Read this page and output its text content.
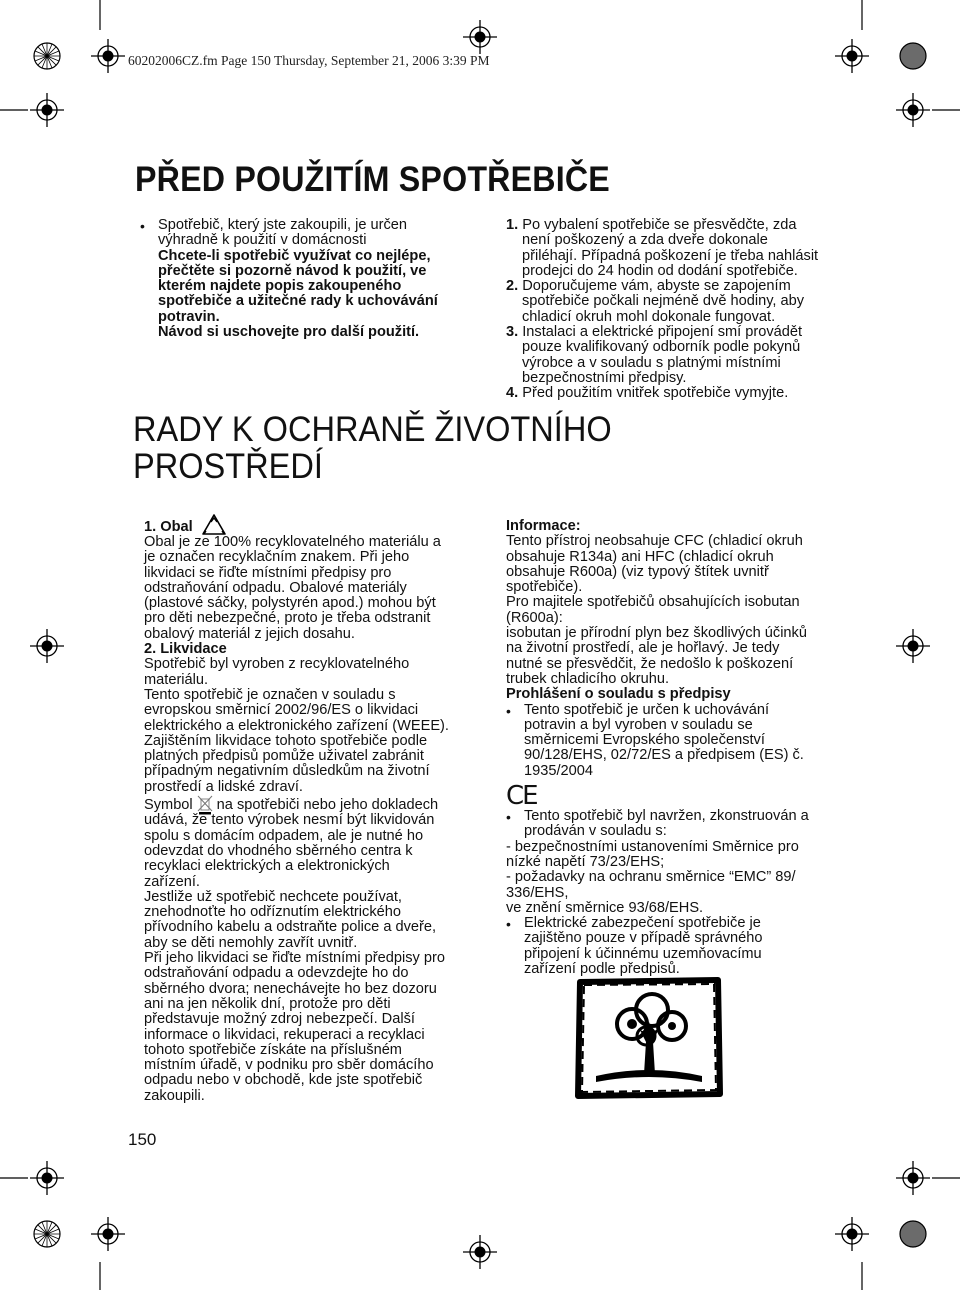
60202006CZ.fm Page 150 Thursday, September 21, 2006 3:39 PM
PŘED POUŽITÍM SPOTŘEBIČE
• Spotřebič, který jste zakoupili, je určen

výhradně k použití v domácnosti

Chcete-li spotřebič využívat co nejlépe,

přečtěte si pozorně návod k použití, ve

kterém najdete popis zakoupeného

spotřebiče a užitečné rady k uchovávání

potravin.

Návod si uschovejte pro další použití.

1. Po vybalení spotřebiče se přesvědčte, zda

není poškozený a zda dveře dokonale

přiléhají. Případná poškození je třeba nahlásit

prodejci do 24 hodin od dodání spotřebiče.

2. Doporučujeme vám, abyste se zapojením

spotřebiče počkali nejméně dvě hodiny, aby

chladicí okruh mohl dokonale fungovat.

3. Instalaci a elektrické připojení smí provádět

pouze kvalifikovaný odborník podle pokynů

výrobce a v souladu s platnými místními

bezpečnostními předpisy.

4. Před použitím vnitřek spotřebiče vymyjte.

RADY K OCHRANĚ ŽIVOTNÍHO
PROSTŘEDÍ
1. Obal

Obal je ze 100% recyklovatelného materiálu a

je označen recyklačním znakem. Při jeho

likvidaci se řiďte místními předpisy pro

odstraňování odpadu. Obalové materiály

(plastové sáčky, polystyrén apod.) mohou být

pro děti nebezpečné, proto je třeba odstranit

obalový materiál z jejich dosahu.

2. Likvidace

Spotřebič byl vyroben z recyklovatelného

materiálu.

Tento spotřebič je označen v souladu s

evropskou směrnicí 2002/96/ES o likvidaci

elektrického a elektronického zařízení (WEEE).

Zajištěním likvidace tohoto spotřebiče podle

platných předpisů pomůže uživatel zabránit

případným negativním důsledkům na životní

prostředí a lidské zdraví.

Symbol na spotřebiči nebo jeho dokladech

udává, že tento výrobek nesmí být likvidován

spolu s domácím odpadem, ale je nutné ho

odevzdat do vhodného sběrného centra k

recyklaci elektrických a elektronických

zařízení.

Jestliže už spotřebič nechcete používat,

znehodnoťte ho odříznutím elektrického

přívodního kabelu a odstraňte police a dveře,

aby se děti nemohly zavřít uvnitř.

Při jeho likvidaci se řiďte místními předpisy pro

odstraňování odpadu a odevzdejte ho do

sběrného dvora; nenechávejte ho bez dozoru

ani na jen několik dní, protože pro děti

představuje možný zdroj nebezpečí. Další

informace o likvidaci, rekuperaci a recyklaci

tohoto spotřebiče získáte na příslušném

místním úřadě, v podniku pro sběr domácího

odpadu nebo v obchodě, kde jste spotřebič

zakoupili.

Informace:

Tento přístroj neobsahuje CFC (chladicí okruh

obsahuje R134a) ani HFC (chladicí okruh

obsahuje R600a) (viz typový štítek uvnitř

spotřebiče).

Pro majitele spotřebičů obsahujících isobutan

(R600a):

isobutan je přírodní plyn bez škodlivých účinků

na životní prostředí, ale je hořlavý. Je tedy

nutné se přesvědčit, že nedošlo k poškození

trubek chladicího okruhu.

Prohlášení o souladu s předpisy

• Tento spotřebič je určen k uchovávání

potravin a byl vyroben v souladu se

směrnicemi Evropského společenství

90/128/EHS, 02/72/ES a předpisem (ES) č.

1935/2004

CE
• Tento spotřebič byl navržen, zkonstruován a

prodáván v souladu s:

- bezpečnostními ustanoveními Směrnice pro

nízké napětí 73/23/EHS;

- požadavky na ochranu směrnice “EMC” 89/

336/EHS,

ve znění směrnice 93/68/EHS.

• Elektrické zabezpečení spotřebiče je

zajištěno pouze v případě správného

připojení k účinnému uzemňovacímu

zařízení podle předpisů.

150
